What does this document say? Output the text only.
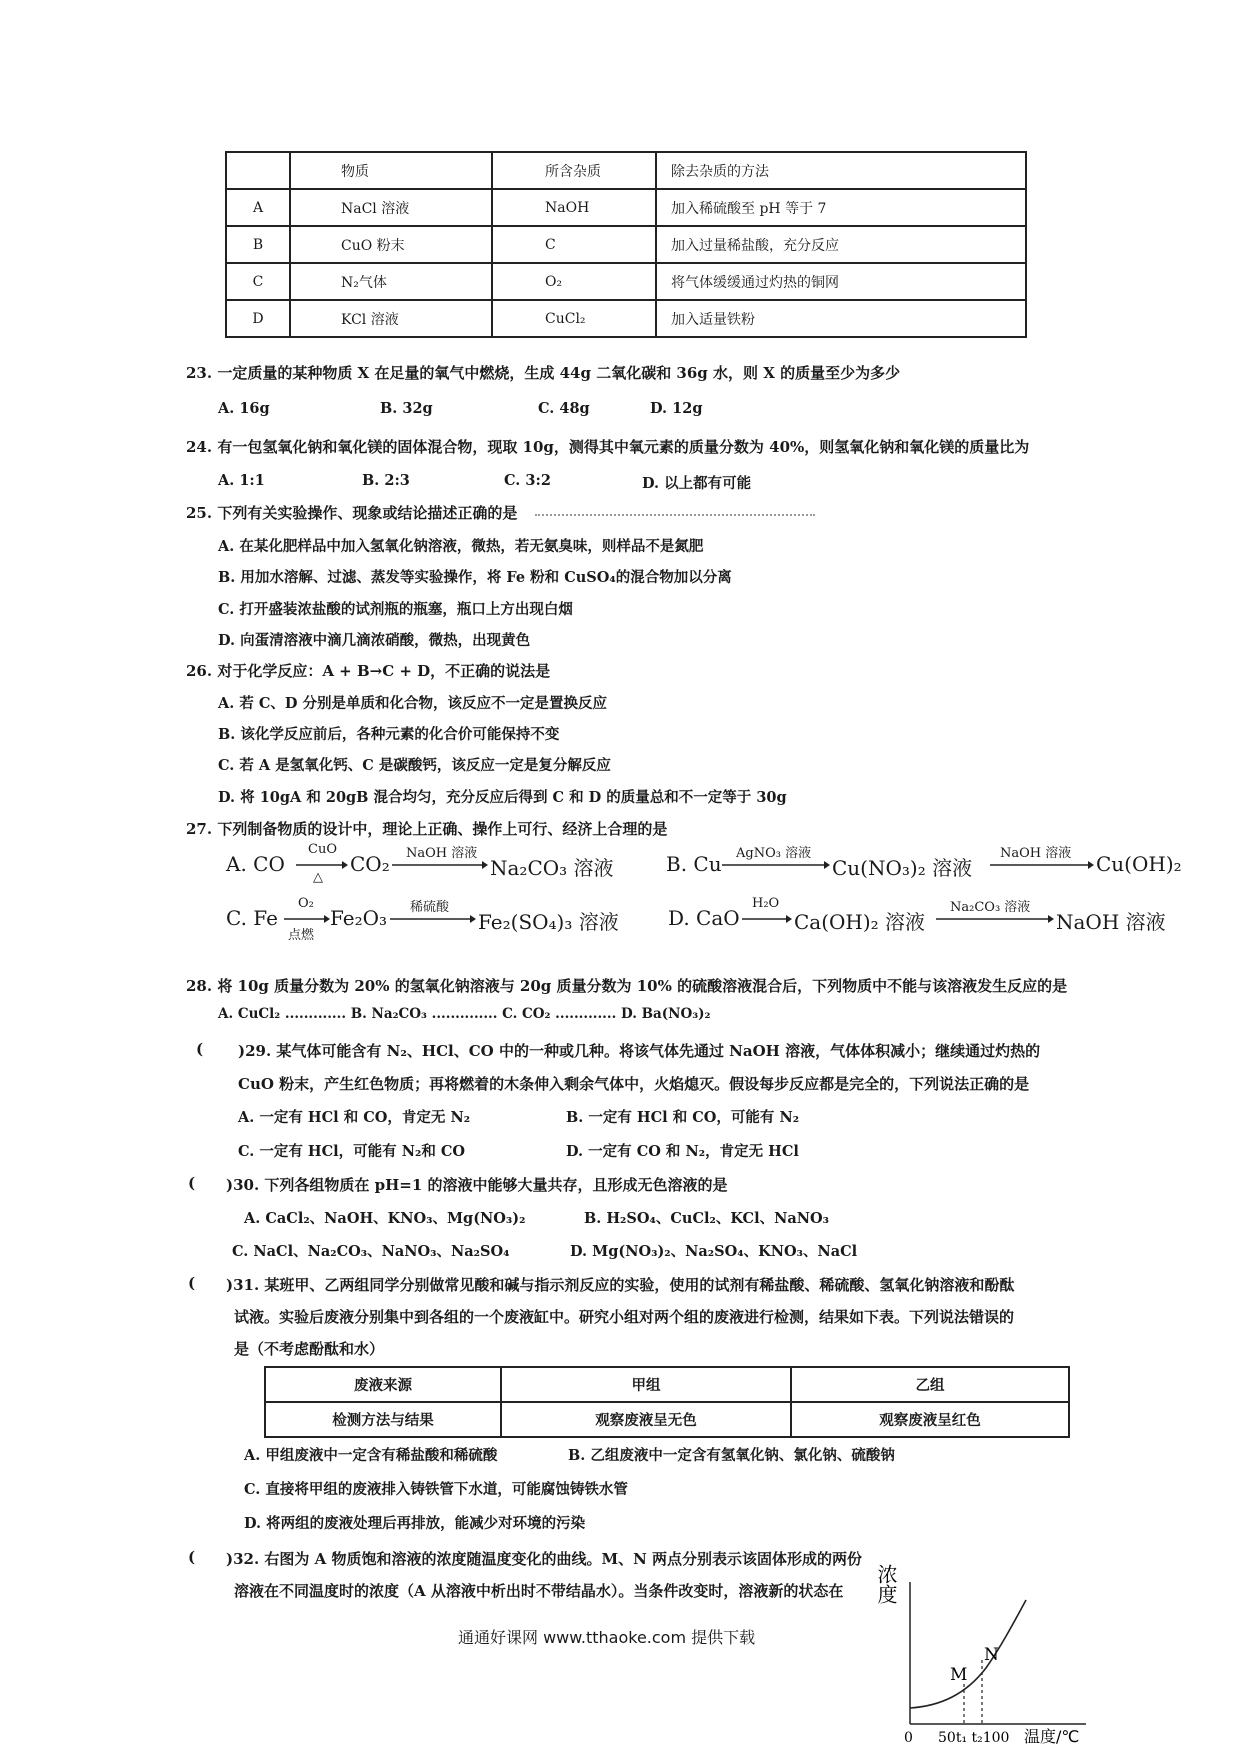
	物质	所含杂质	除去杂质的方法
A	NaCl 溶液	NaOH	加入稀硫酸至 pH 等于 7
B	CuO 粉末	C	加入过量稀盐酸，充分反应
C	N₂气体	O₂	将气体缓缓通过灼热的铜网
D	KCl 溶液	CuCl₂	加入适量铁粉
23. 一定质量的某种物质 X 在足量的氧气中燃烧，生成 44g 二氧化碳和 36g 水，则 X 的质量至少为多少
A. 16g	B. 32g	C. 48g	D. 12g
24. 有一包氢氧化钠和氧化镁的固体混合物，现取 10g，测得其中氧元素的质量分数为 40%，则氢氧化钠和氧化镁的质量比为
A. 1:1	B. 2:3	C. 3:2	D. 以上都有可能
25. 下列有关实验操作、现象或结论描述正确的是
A. 在某化肥样品中加入氢氧化钠溶液，微热，若无氨臭味，则样品不是氮肥
B. 用加水溶解、过滤、蒸发等实验操作，将 Fe 粉和 CuSO₄的混合物加以分离
C. 打开盛装浓盐酸的试剂瓶的瓶塞，瓶口上方出现白烟
D. 向蛋清溶液中滴几滴浓硝酸，微热，出现黄色
26. 对于化学反应：A + B→C + D，不正确的说法是
A. 若 C、D 分别是单质和化合物，该反应不一定是置换反应
B. 该化学反应前后，各种元素的化合价可能保持不变
C. 若 A 是氢氧化钙、C 是碳酸钙，该反应一定是复分解反应
D. 将 10gA 和 20gB 混合均匀，充分反应后得到 C 和 D 的质量总和不一定等于 30g
27. 下列制备物质的设计中，理论上正确、操作上可行、经济上合理的是
A. CO
CuO
△
CO₂ NaOH 溶液
Na₂CO₃ 溶液	B. Cu AgNO₃ 溶液
Cu(NO₃)₂ 溶液
NaOH 溶液 Cu(OH)₂
C. Fe
O₂
点燃
Fe₂O₃ 稀硫酸
Fe₂(SO₄)₃ 溶液 D. CaO
H₂O
Ca(OH)₂ 溶液
Na₂CO₃ 溶液
NaOH 溶液
28. 将 10g 质量分数为 20% 的氢氧化钠溶液与 20g 质量分数为 10% 的硫酸溶液混合后，下列物质中不能与该溶液发生反应的是
A. CuCl₂ ............. B. Na₂CO₃ .............. C. CO₂ ............. D. Ba(NO₃)₂
( )29. 某气体可能含有 N₂、HCl、CO 中的一种或几种。将该气体先通过 NaOH 溶液，气体体积减小；继续通过灼热的
CuO 粉末，产生红色物质；再将燃着的木条伸入剩余气体中，火焰熄灭。假设每步反应都是完全的，下列说法正确的是
A. 一定有 HCl 和 CO，肯定无 N₂	B. 一定有 HCl 和 CO，可能有 N₂
C. 一定有 HCl，可能有 N₂和 CO	D. 一定有 CO 和 N₂，肯定无 HCl
( )30. 下列各组物质在 pH=1 的溶液中能够大量共存，且形成无色溶液的是
A. CaCl₂、NaOH、KNO₃、Mg(NO₃)₂	B. H₂SO₄、CuCl₂、KCl、NaNO₃
C. NaCl、Na₂CO₃、NaNO₃、Na₂SO₄	D. Mg(NO₃)₂、Na₂SO₄、KNO₃、NaCl
( )31. 某班甲、乙两组同学分别做常见酸和碱与指示剂反应的实验，使用的试剂有稀盐酸、稀硫酸、氢氧化钠溶液和酚酞
试液。实验后废液分别集中到各组的一个废液缸中。研究小组对两个组的废液进行检测，结果如下表。下列说法错误的
是（不考虑酚酞和水）
废液来源	甲组	乙组
检测方法与结果	观察废液呈无色	观察废液呈红色
A. 甲组废液中一定含有稀盐酸和稀硫酸	B. 乙组废液中一定含有氢氧化钠、氯化钠、硫酸钠
C. 直接将甲组的废液排入铸铁管下水道，可能腐蚀铸铁水管
D. 将两组的废液处理后再排放，能减少对环境的污染
( )32. 右图为 A 物质饱和溶液的浓度随温度变化的曲线。M、N 两点分别表示该固体形成的两份
溶液在不同温度时的浓度（A 从溶液中析出时不带结晶水）。当条件改变时，溶液新的状态在 浓度
0 50t₁ t₂100 温度/℃
M
N
通通好课网 www.tthaoke.com 提供下载
